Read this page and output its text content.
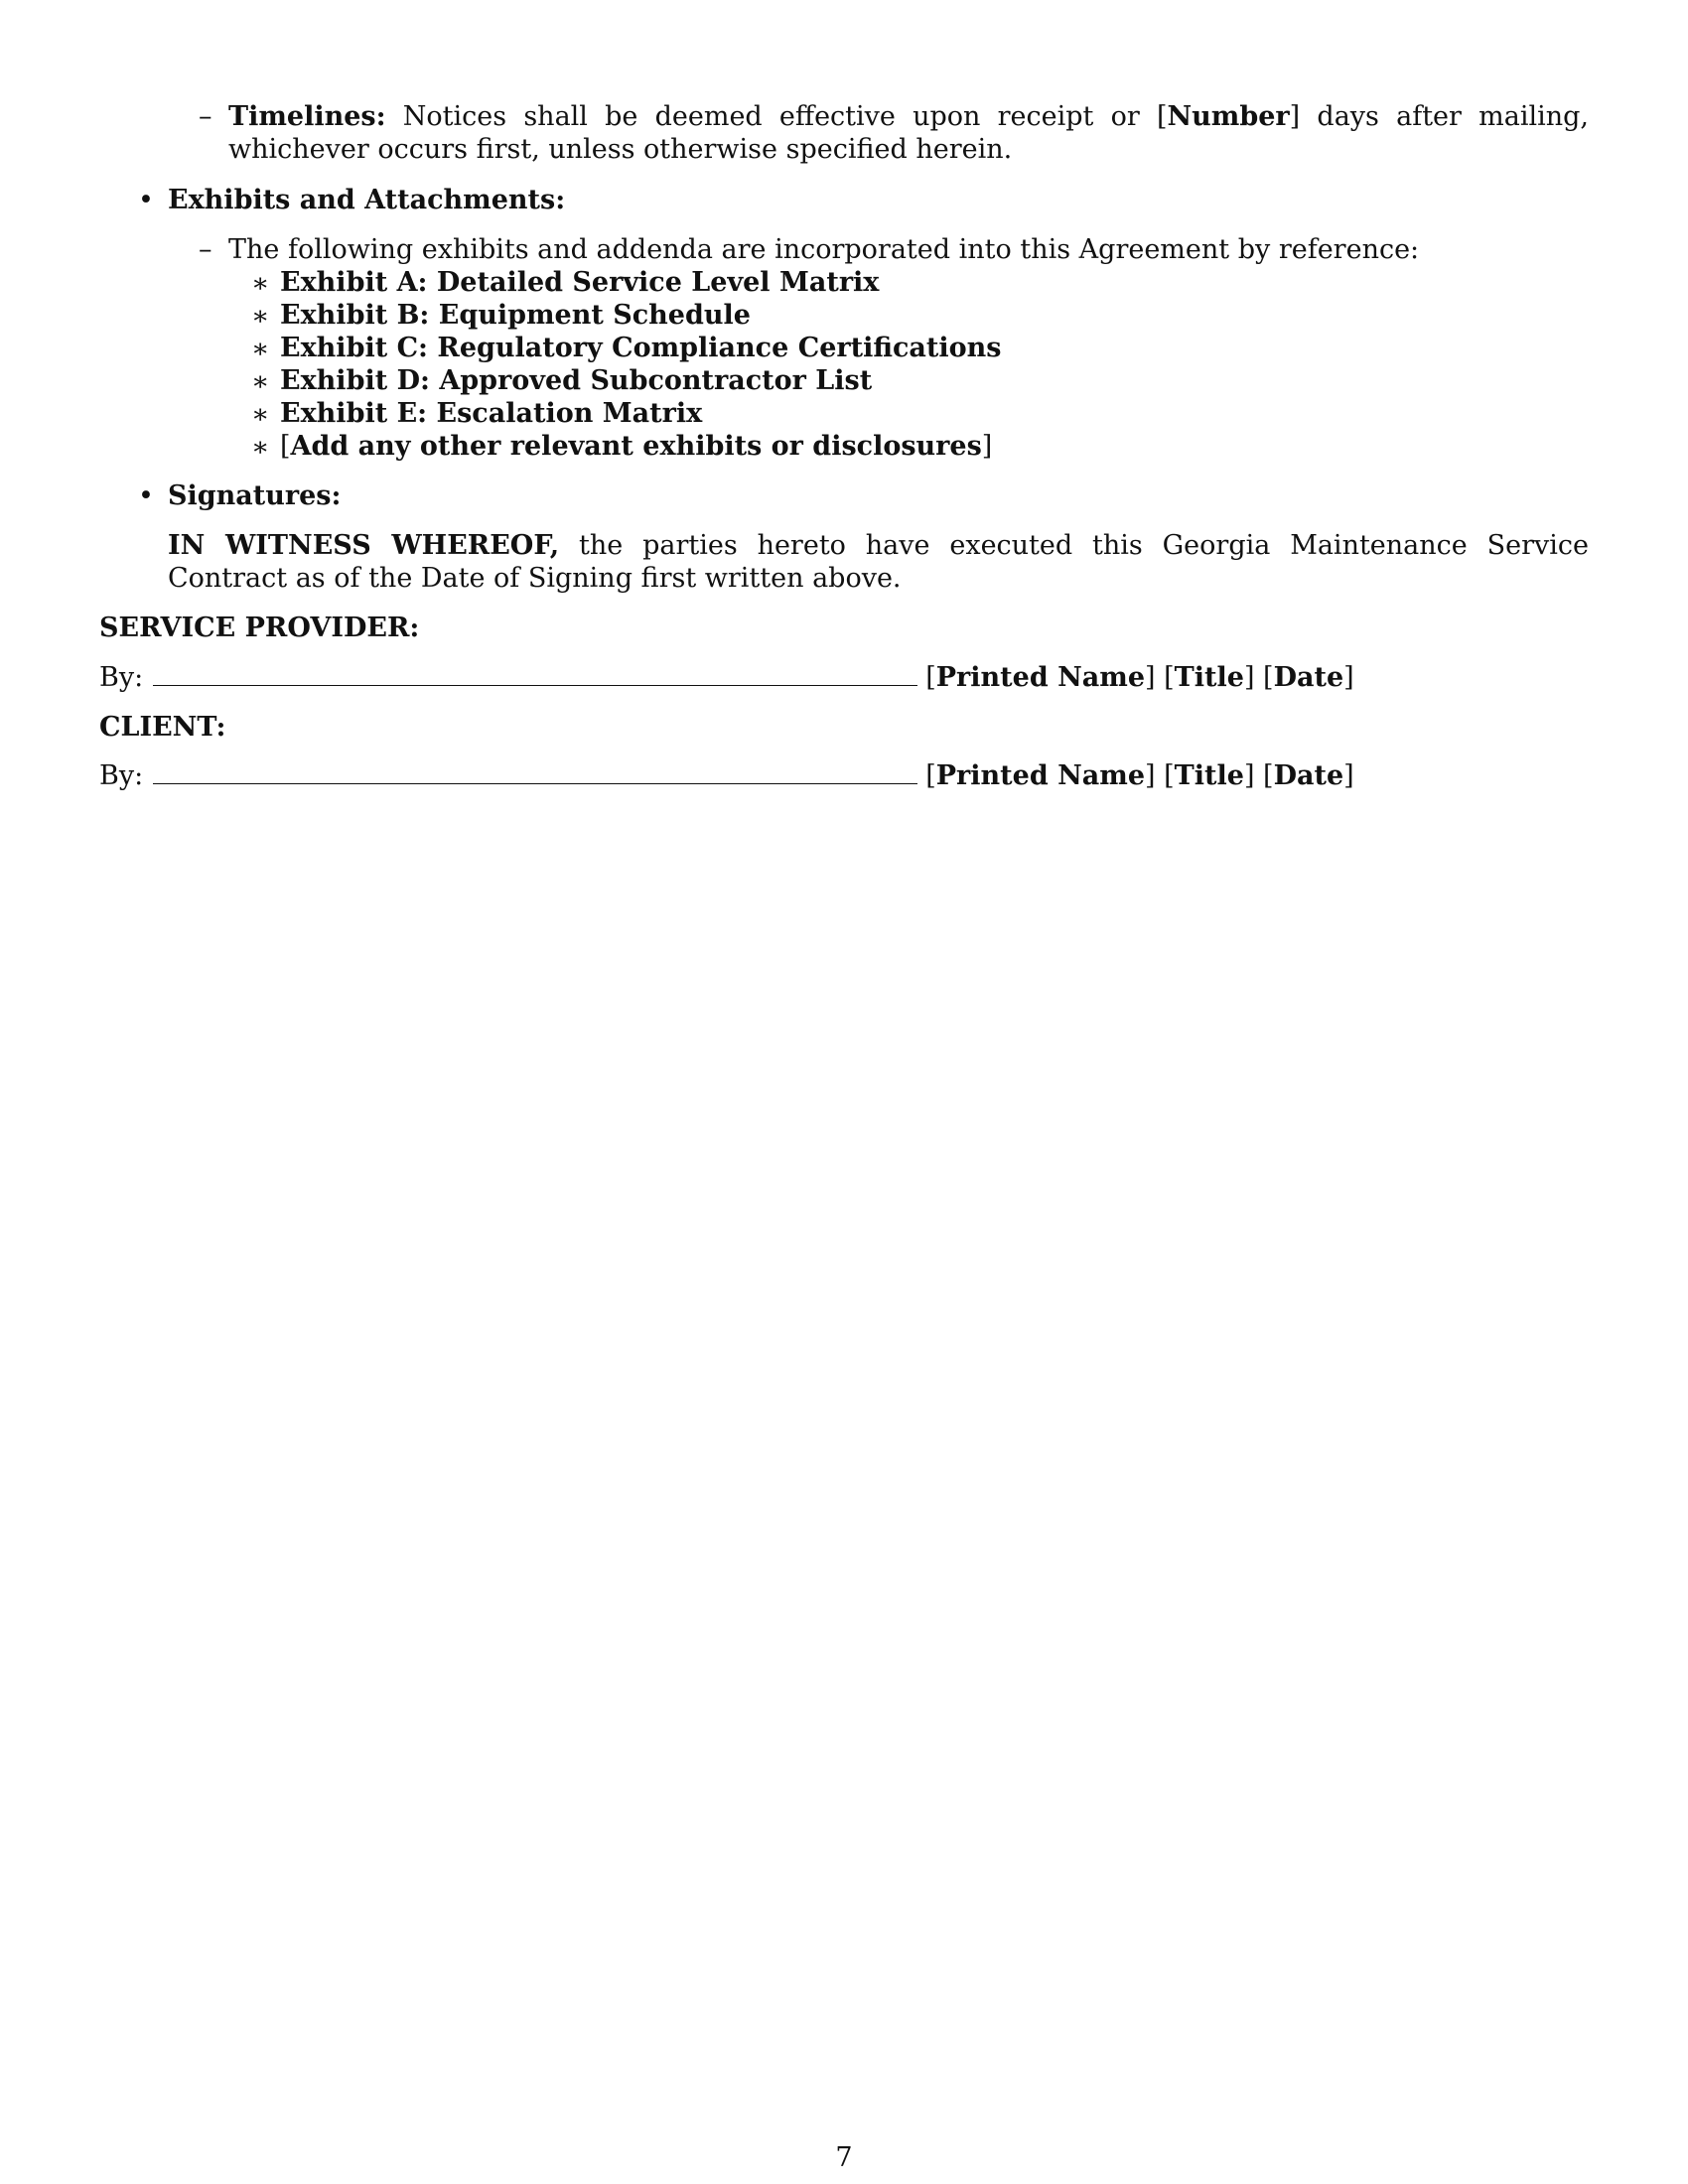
– Timelines: Notices shall be deemed effective upon receipt or [Number] days after mailing, whichever occurs first, unless otherwise specified herein.
• Exhibits and Attachments:
– The following exhibits and addenda are incorporated into this Agreement by reference:
∗ Exhibit A: Detailed Service Level Matrix
∗ Exhibit B: Equipment Schedule
∗ Exhibit C: Regulatory Compliance Certifications
∗ Exhibit D: Approved Subcontractor List
∗ Exhibit E: Escalation Matrix
∗ [Add any other relevant exhibits or disclosures]
• Signatures:
IN WITNESS WHEREOF, the parties hereto have executed this Georgia Maintenance Service Contract as of the Date of Signing first written above.
SERVICE PROVIDER:
By:	[Printed Name] [Title] [Date]
CLIENT:
By:	[Printed Name] [Title] [Date]
7
